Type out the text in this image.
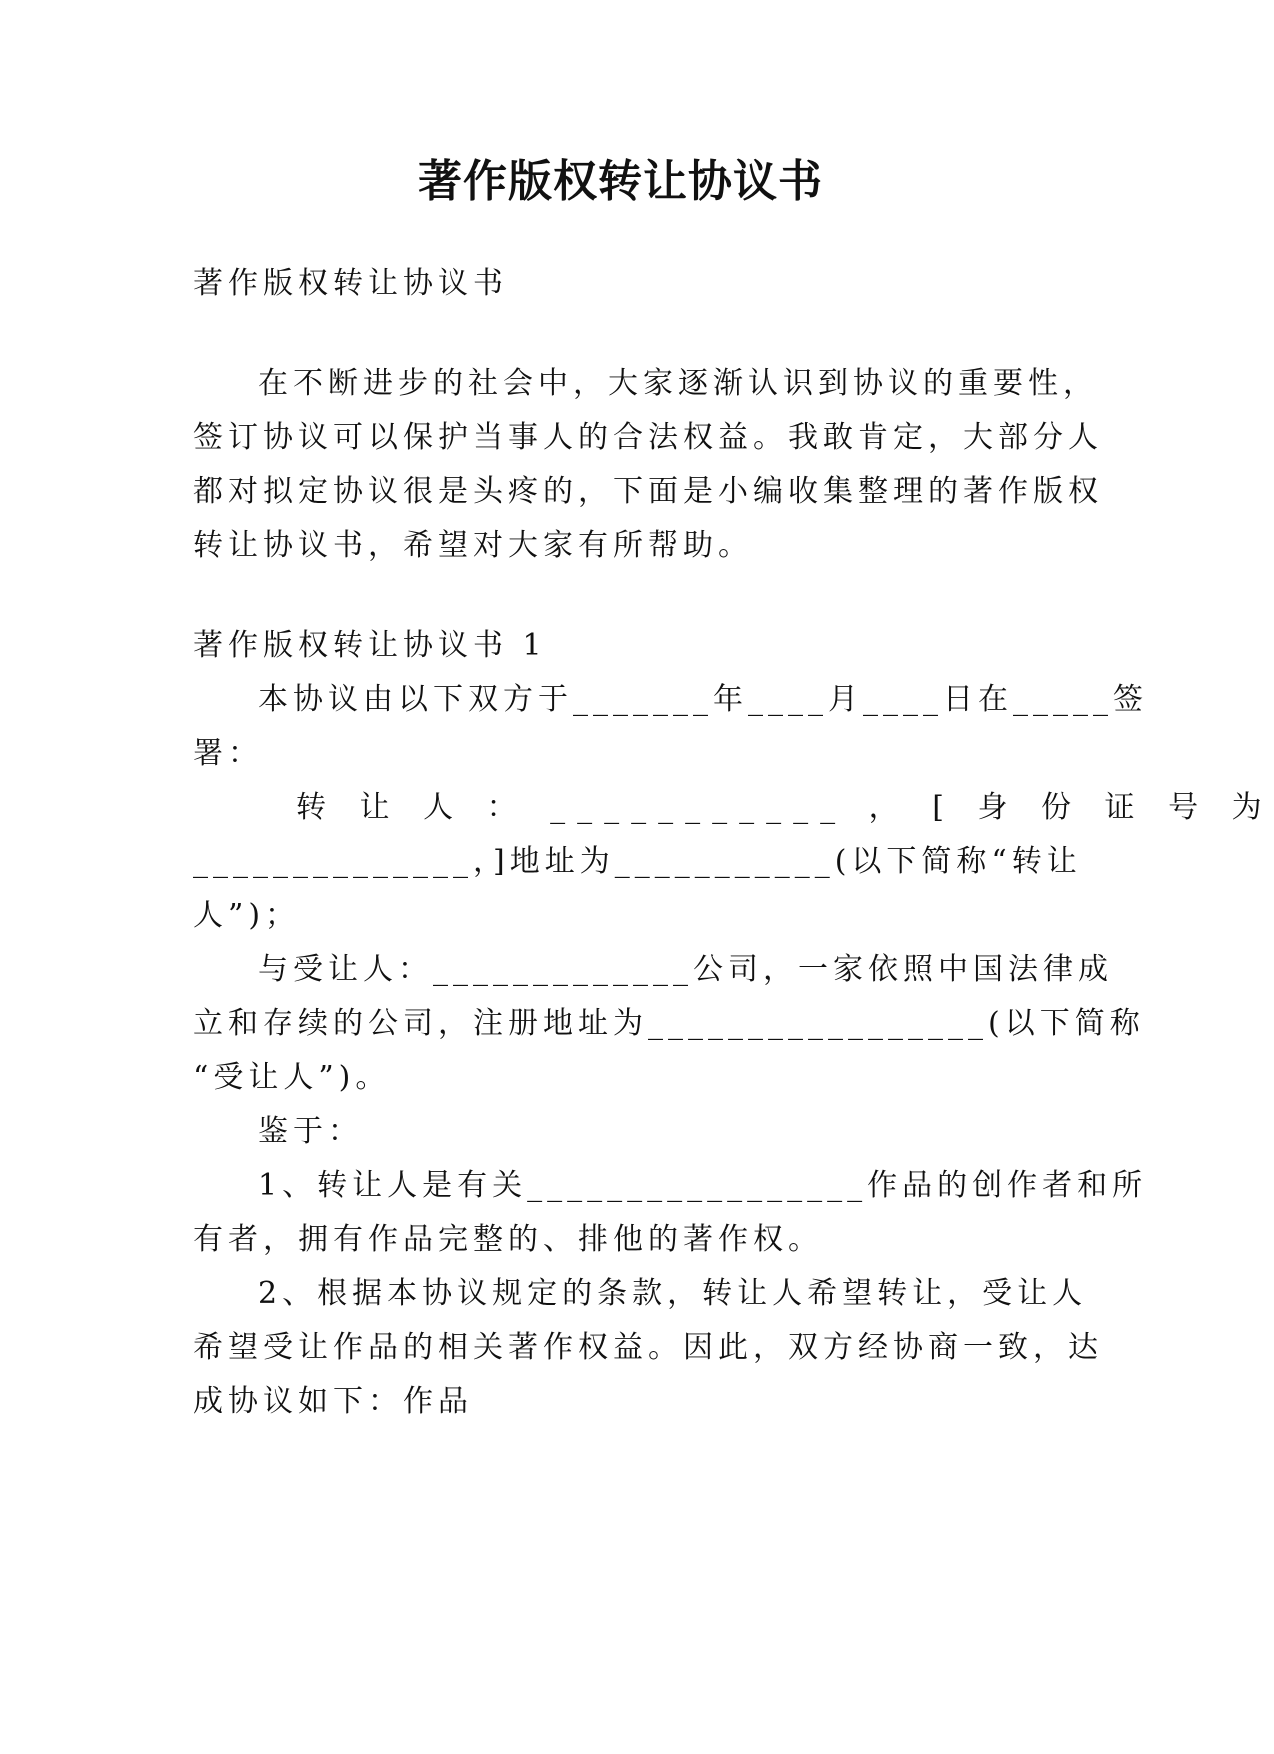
著作版权转让协议书
著作版权转让协议书
在不断进步的社会中，大家逐渐认识到协议的重要性，
签订协议可以保护当事人的合法权益。我敢肯定，大部分人
都对拟定协议很是头疼的，下面是小编收集整理的著作版权
转让协议书，希望对大家有所帮助。
著作版权转让协议书 1
本协议由以下双方于_______年____月____日在_____签
署：
转 让 人 ： ___________ ， [ 身 份 证 号 为
______________，]地址为___________(以下简称“转让
人”)；
与受让人：_____________公司，一家依照中国法律成
立和存续的公司，注册地址为_________________(以下简称
“受让人”)。
鉴于：
1、转让人是有关_________________作品的创作者和所
有者，拥有作品完整的、排他的著作权。
2、根据本协议规定的条款，转让人希望转让，受让人
希望受让作品的相关著作权益。因此，双方经协商一致，达
成协议如下：作品
